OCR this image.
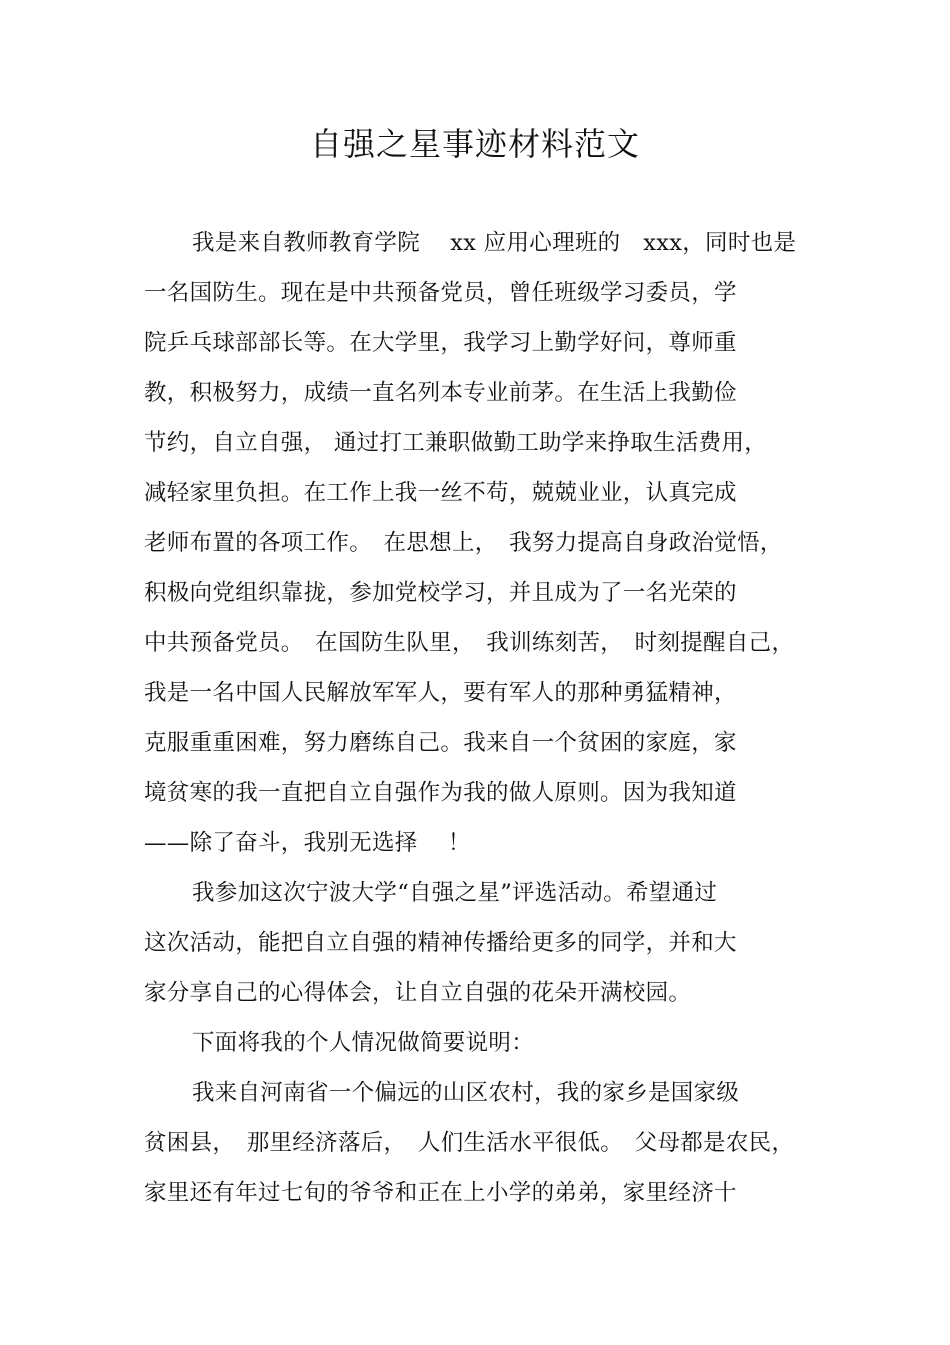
自强之星事迹材料范文
我是来自教师教育学院　 xx 应用心理班的　xxx，同时也是
一名国防生。现在是中共预备党员，曾任班级学习委员，学
院乒乓球部部长等。在大学里，我学习上勤学好问，尊师重
教，积极努力，成绩一直名列本专业前茅。在生活上我勤俭
节约，自立自强， 通过打工兼职做勤工助学来挣取生活费用，
减轻家里负担。在工作上我一丝不苟，兢兢业业，认真完成
老师布置的各项工作。　在思想上，　我努力提高自身政治觉悟，
积极向党组织靠拢，参加党校学习，并且成为了一名光荣的
中共预备党员。　在国防生队里，　我训练刻苦，　时刻提醒自己，
我是一名中国人民解放军军人，要有军人的那种勇猛精神，
克服重重困难，努力磨练自己。我来自一个贫困的家庭，家
境贫寒的我一直把自立自强作为我的做人原则。因为我知道
——除了奋斗，我别无选择　 ！
我参加这次宁波大学“自强之星”评选活动。希望通过
这次活动，能把自立自强的精神传播给更多的同学，并和大
家分享自己的心得体会，让自立自强的花朵开满校园。
下面将我的个人情况做简要说明：
我来自河南省一个偏远的山区农村，我的家乡是国家级
贫困县，　那里经济落后，　人们生活水平很低。　父母都是农民，
家里还有年过七旬的爷爷和正在上小学的弟弟，家里经济十
